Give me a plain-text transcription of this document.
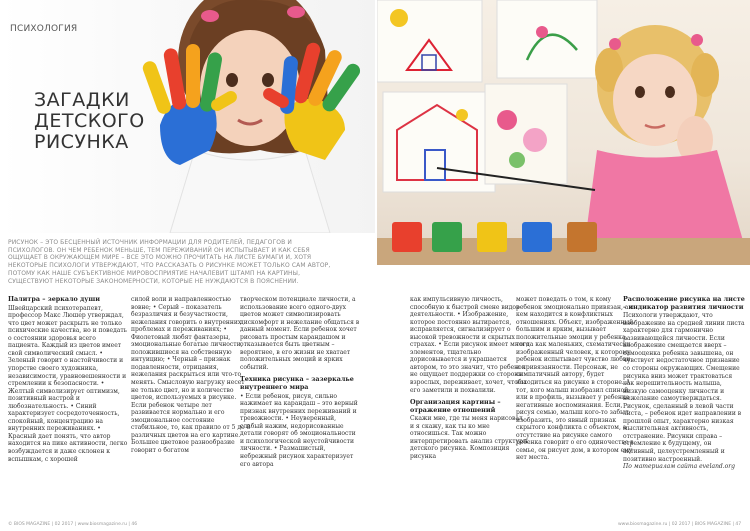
ПСИХОЛОГИЯ
ЗАГАДКИ
ДЕТСКОГО
РИСУНКА
РИСУНОК – ЭТО БЕСЦЕННЫЙ ИСТОЧНИК ИНФОРМАЦИИ ДЛЯ РОДИТЕЛЕЙ, ПЕДАГОГОВ И ПСИХОЛОГОВ. ОН ЧЕМ РЕБЕНОК МЕНЬШЕ, ТЕМ ПЕРЕЖИВАНИЙ ОН ИСПЫТЫВАЕТ И КАК СЕБЯ ОЩУЩАЕТ В ОКРУЖАЮЩЕМ МИРЕ – ВСЕ ЭТО МОЖНО ПРОЧИТАТЬ НА ЛИСТЕ БУМАГИ И, ХОТЯ НЕКОТОРЫЕ ПСИХОЛОГИ УТВЕРЖДАЮТ, ЧТО РАССКАЗАТЬ О РИСУНКЕ МОЖЕТ ТОЛЬКО САМ АВТОР, ПОТОМУ КАК НАШЕ СУБЪЕКТИВНОЕ МИРОВОСПРИЯТИЕ НАЧАЛЕВИТ ШТАМП НА КАРТИНЫ, СУЩЕСТВУЮТ НЕКОТОРЫЕ ЗАКОНОМЕРНОСТИ, КОТОРЫЕ НЕ НУЖДАЮТСЯ В ПОЯСНЕНИИ.
Палитра – зеркало души

Швейцарский психотерапевт, профессор Макс Люшер утверждал, что цвет может раскрыть не только психические качества, но и поведать о состоянии здоровья всего пациента. Каждый из цветов имеет свой символический смысл. • Зеленый говорит о настойчивости и упорстве своего художника, независимости, уравновешенности и стремлении к безопасности. • Желтый символизирует оптимизм, позитивный настрой и любознательность. • Синий характеризует сосредоточенность, спокойный, концентрацию на внутренних переживаниях. • Красный дает понять, что автор находится на пике активности, легко возбуждается и даже склонен к вспышкам, с хорошей

силой воли и направленностью вовне; • Серый – показатель безразличия и безучастности, нежелания говорить о внутренних проблемах и переживаниях; • Фиолетовый любят фантазеры, эмоциональные богатые личности, положившиеся на собственную интуицию; • Черный – признак подавленности, отрицания, нежелания раскрыться или что-то менять. Смысловую нагрузку несет не только цвет, но и количество цветов, используемых в рисунке. Если ребенок четыре лет развивается нормально и его эмоциональное состояние стабильное, то, как правило от 5 до 8 различных цветов на его картине. Большее цветовое разнообразие говорит о богатом

творческом потенциале личности, а использование всего одного-двух цветов может символизировать дискомфорт и нежелание общаться в данный момент. Если ребенок хочет рисовать простым карандашом и отказывается быть цветным – вероятнее, в его жизни не хватает положительных эмоций и ярких событий.

Техника рисунка – зазеркалье внутреннего мира

• Если ребенок, рисуя, сильно нажимает на карандаш – это верный признак внутренних переживаний и тревожности. • Неуверенный, слабый нажим, недорисованные детали говорят об эмоциональности и психологической неустойчивости личности. • Размашистый, небрежный рисунок характеризует его автора

как импульсивную личность, способную к быстрой смене видов деятельности. • Изображение, которое постоянно вытирается, исправляется, сигнализирует о высокой тревожности и скрытых страхах. • Если рисунок имеет много элементов, тщательно дорисовывается и украшается автором, то это значит, что ребенок не ощущает поддержки со стороны взрослых, переживает, хочет, чтобы его заметили и похвалили.

Организация картины – отражение отношений

Скажи мне, где ты меня нарисовал, и я скажу, как ты ко мне относишься. Так можно интерпретировать анализ структуры детского рисунка. Композиция рисунка

может поведать о том, к кому ребенок эмоционально привязан, а с кем находится в конфликтных отношениях. Объект, изображенный большим и ярким, вызывает положительные эмоции у ребенка, тогда как маленьких, схематически изображенный человек, к которому ребенок испытывает чувство любви и привязанности. Персонаж, не симпатичный автору, будет находиться на рисунке в стороне. А тот, кого малыш изобразил спиной или в профиль, вызывает у ребенка негативные воспоминания. Если, рисуя семью, малыш кого-то забыл изобразить, это явный признак скрытого конфликта с объектом, а отсутствие на рисунке самого ребенка говорит о его одиночестве в семье, он рисует дом, в котором ему нет места.

Расположение рисунка на листе – индикатор развития личности

Психологи утверждают, что изображение на средней линии листа характерно для гармонично развивающейся личности. Если изображение смещается вверх – самооценка ребенка завышена, он чувствует недостаточное признание со стороны окружающих. Смещение рисунка вниз может трактоваться как нерешительность малыша, низкую самооценку личности и нежелание самоутверждаться. Рисунок, сделанный в левой части листа, – ребенок идет направлении в прошлой опыт, характерно низкая мыслительная активность, отстранение. Рисунки справа – стремление к будущему, он активный, целеустремленный и позитивно настроенный.

По материалам сайта eveland.org

© BIOS MAGAZINE | 02 2017 | www.biosmagazine.ru | 46	www.biosmagazine.ru | 02 2017 | BIOS MAGAZINE | 47
